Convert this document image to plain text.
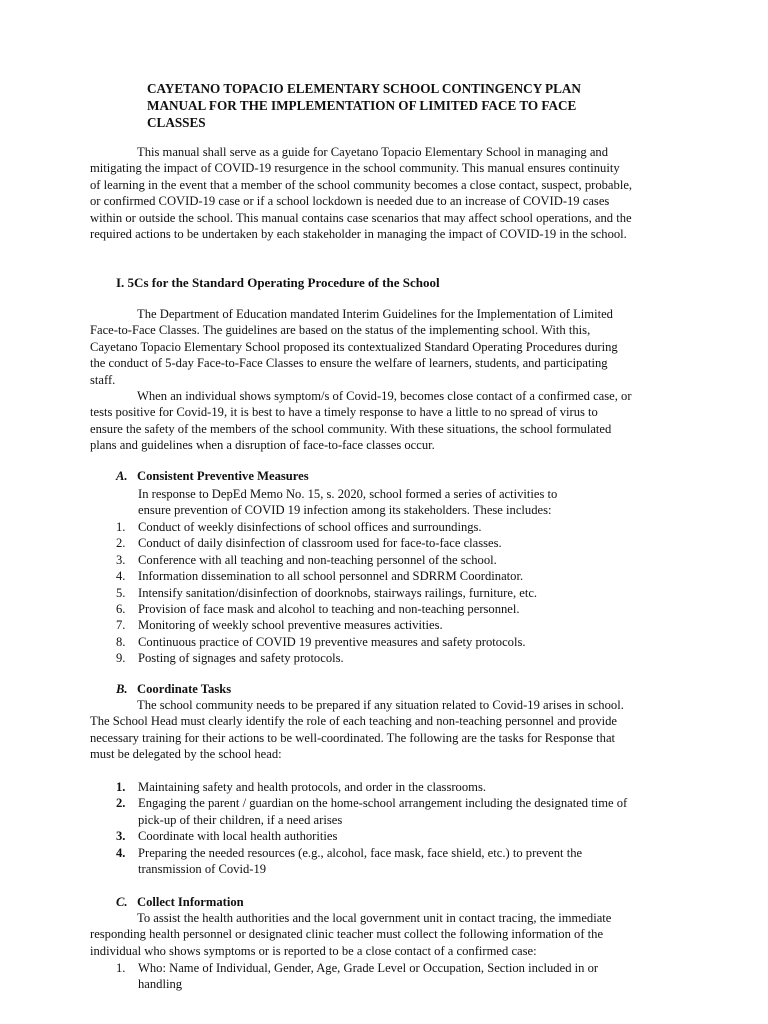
CAYETANO TOPACIO ELEMENTARY SCHOOL CONTINGENCY PLAN
MANUAL FOR THE IMPLEMENTATION OF LIMITED FACE TO FACE
CLASSES
This manual shall serve as a guide for Cayetano Topacio Elementary School in managing and
mitigating the impact of COVID-19 resurgence in the school community. This manual ensures continuity
of learning in the event that a member of the school community becomes a close contact, suspect, probable,
or confirmed COVID-19 case or if a school lockdown is needed due to an increase of COVID-19 cases
within or outside the school. This manual contains case scenarios that may affect school operations, and the
required actions to be undertaken by each stakeholder in managing the impact of COVID-19 in the school.
I. 5Cs for the Standard Operating Procedure of the School
The Department of Education mandated Interim Guidelines for the Implementation of Limited
Face-to-Face Classes. The guidelines are based on the status of the implementing school. With this,
Cayetano Topacio Elementary School proposed its contextualized Standard Operating Procedures during
the conduct of 5-day Face-to-Face Classes to ensure the welfare of learners, students, and participating
staff.
When an individual shows symptom/s of Covid-19, becomes close contact of a confirmed case, or
tests positive for Covid-19, it is best to have a timely response to have a little to no spread of virus to
ensure the safety of the members of the school community. With these situations, the school formulated
plans and guidelines when a disruption of face-to-face classes occur.
A. Consistent Preventive Measures
In response to DepEd Memo No. 15, s. 2020, school formed a series of activities to
ensure prevention of COVID 19 infection among its stakeholders. These includes:
1. Conduct of weekly disinfections of school offices and surroundings.
2. Conduct of daily disinfection of classroom used for face-to-face classes.
3. Conference with all teaching and non-teaching personnel of the school.
4. Information dissemination to all school personnel and SDRRM Coordinator.
5. Intensify sanitation/disinfection of doorknobs, stairways railings, furniture, etc.
6. Provision of face mask and alcohol to teaching and non-teaching personnel.
7. Monitoring of weekly school preventive measures activities.
8. Continuous practice of COVID 19 preventive measures and safety protocols.
9. Posting of signages and safety protocols.
B. Coordinate Tasks
The school community needs to be prepared if any situation related to Covid-19 arises in school.
The School Head must clearly identify the role of each teaching and non-teaching personnel and provide
necessary training for their actions to be well-coordinated. The following are the tasks for Response that
must be delegated by the school head:
1. Maintaining safety and health protocols, and order in the classrooms.
2. Engaging the parent / guardian on the home-school arrangement including the designated time of
pick-up of their children, if a need arises
3. Coordinate with local health authorities
4. Preparing the needed resources (e.g., alcohol, face mask, face shield, etc.) to prevent the
transmission of Covid-19
C. Collect Information
To assist the health authorities and the local government unit in contact tracing, the immediate
responding health personnel or designated clinic teacher must collect the following information of the
individual who shows symptoms or is reported to be a close contact of a confirmed case:
1. Who: Name of Individual, Gender, Age, Grade Level or Occupation, Section included in or
handling
